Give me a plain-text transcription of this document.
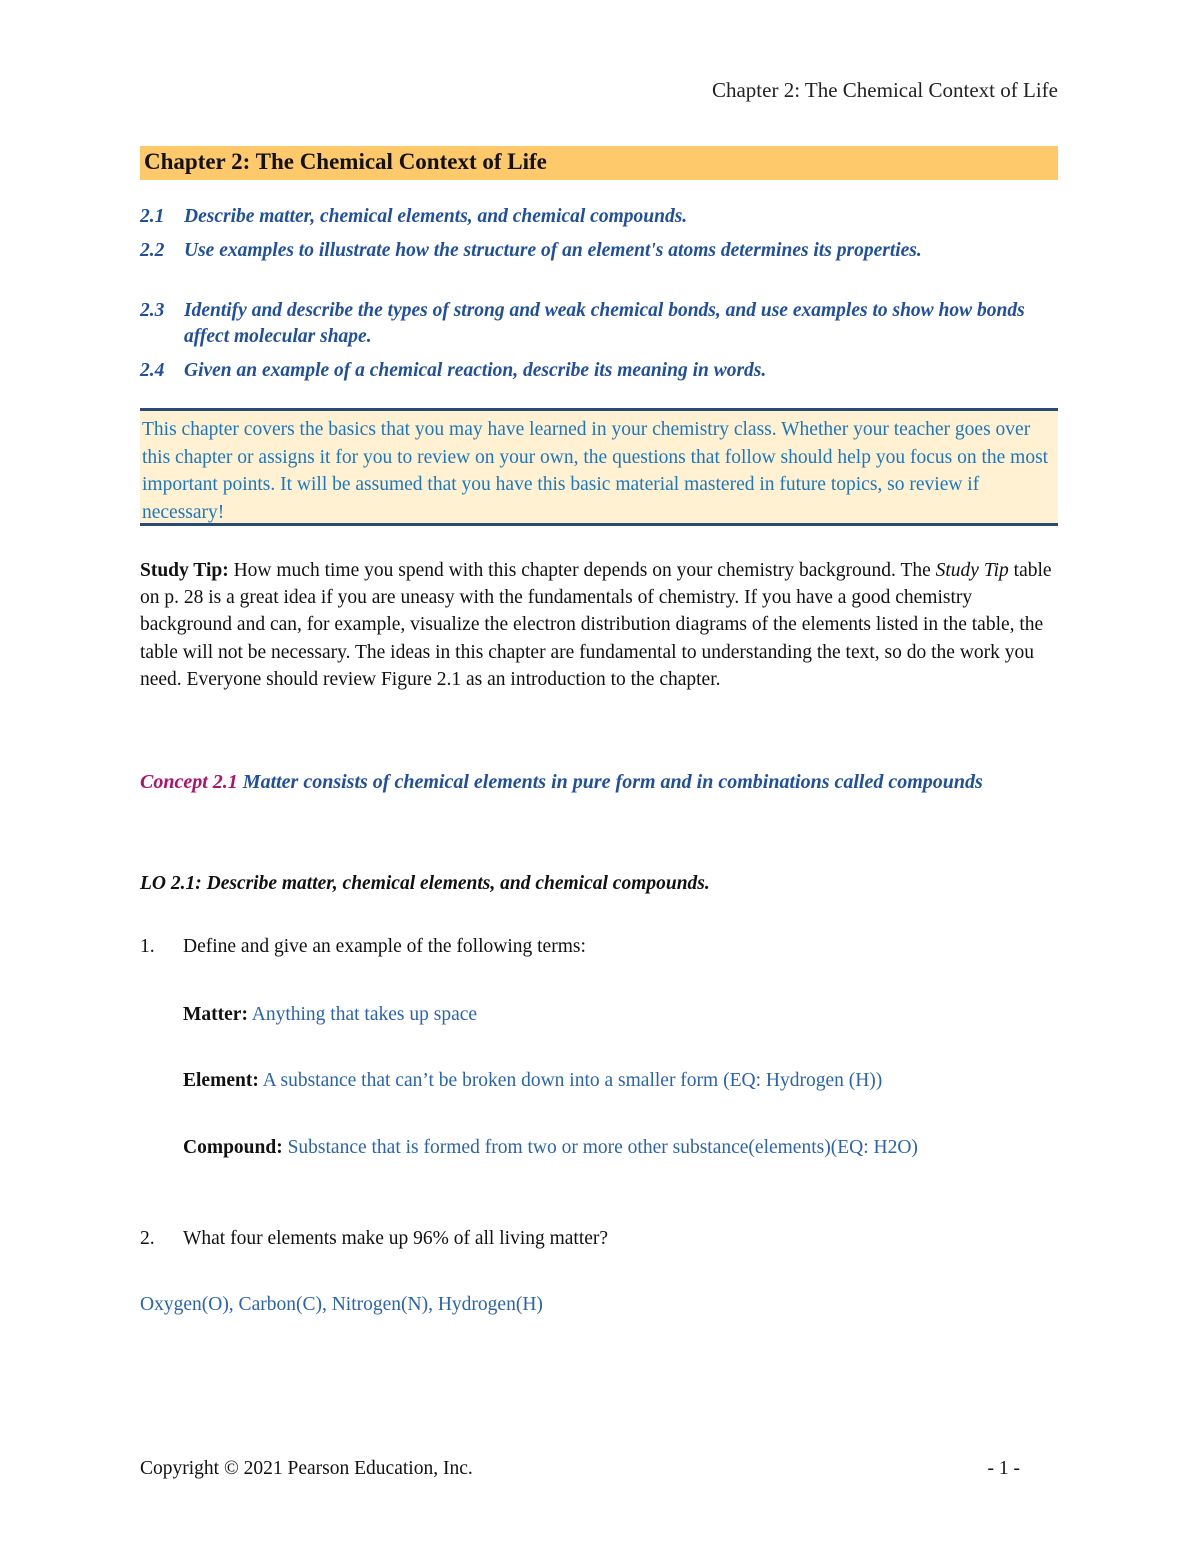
Chapter 2: The Chemical Context of Life
Chapter 2: The Chemical Context of Life
2.1 Describe matter, chemical elements, and chemical compounds.
2.2 Use examples to illustrate how the structure of an element's atoms determines its properties.
2.3 Identify and describe the types of strong and weak chemical bonds, and use examples to show how bonds affect molecular shape.
2.4 Given an example of a chemical reaction, describe its meaning in words.
This chapter covers the basics that you may have learned in your chemistry class. Whether your teacher goes over this chapter or assigns it for you to review on your own, the questions that follow should help you focus on the most important points. It will be assumed that you have this basic material mastered in future topics, so review if necessary!
Study Tip: How much time you spend with this chapter depends on your chemistry background. The Study Tip table on p. 28 is a great idea if you are uneasy with the fundamentals of chemistry. If you have a good chemistry background and can, for example, visualize the electron distribution diagrams of the elements listed in the table, the table will not be necessary. The ideas in this chapter are fundamental to understanding the text, so do the work you need. Everyone should review Figure 2.1 as an introduction to the chapter.
Concept 2.1 Matter consists of chemical elements in pure form and in combinations called compounds
LO 2.1: Describe matter, chemical elements, and chemical compounds.
1. Define and give an example of the following terms:
Matter: Anything that takes up space
Element: A substance that can’t be broken down into a smaller form (EQ: Hydrogen (H))
Compound: Substance that is formed from two or more other substance(elements)(EQ: H2O)
2. What four elements make up 96% of all living matter?
Oxygen(O), Carbon(C), Nitrogen(N), Hydrogen(H)
Copyright © 2021 Pearson Education, Inc.	- 1 -
